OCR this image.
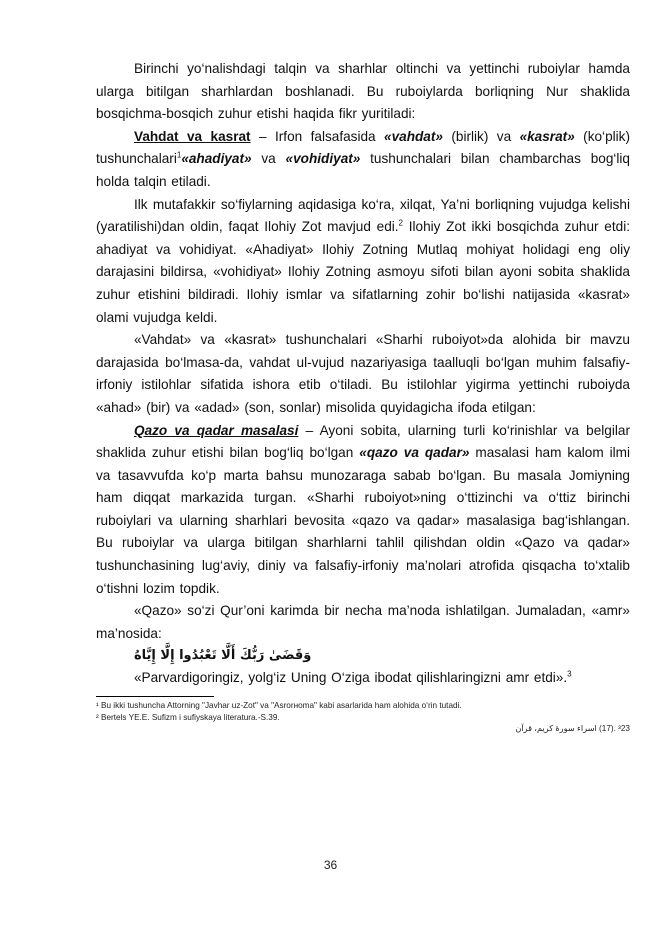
Birinchi yo‘nalishdagi talqin va sharhlar oltinchi va yettinchi ruboiylar hamda ularga bitilgan sharhlardan boshlanadi. Bu ruboiylarda borliqning Nur shaklida bosqichma-bosqich zuhur etishi haqida fikr yuritiladi:

Vahdat va kasrat – Irfon falsafasida «vahdat» (birlik) va «kasrat» (ko‘plik) tushunchalari$^1$«ahadiyat» va «vohidiyat» tushunchalari bilan chambarchas bog‘liq holda talqin etiladi.

Ilk mutafakkir so‘fiylarning aqidasiga ko‘ra, xilqat, Ya’ni borliqning vujudga kelishi (yaratilishi)dan oldin, faqat Ilohiy Zot mavjud edi.$^2$ Ilohiy Zot ikki bosqichda zuhur etdi: ahadiyat va vohidiyat. «Ahadiyat» Ilohiy Zotning Mutlaq mohiyat holidagi eng oliy darajasini bildirsa, «vohidiyat» Ilohiy Zotning asmoyu sifoti bilan ayoni sobita shaklida zuhur etishini bildiradi. Ilohiy ismlar va sifatlarning zohir bo‘lishi natijasida «kasrat» olami vujudga keldi.

«Vahdat» va «kasrat» tushunchalari «Sharhi ruboiyot»da alohida bir mavzu darajasida bo‘lmasa-da, vahdat ul-vujud nazariyasiga taalluqli bo‘lgan muhim falsafiy-irfoniy istilohlar sifatida ishora etib o‘tiladi. Bu istilohlar yigirma yettinchi ruboiyda «ahad» (bir) va «adad» (son, sonlar) misolida quyidagicha ifoda etilgan:

Qazo va qadar masalasi – Ayoni sobita, ularning turli ko‘rinishlar va belgilar shaklida zuhur etishi bilan bog‘liq bo‘lgan «qazo va qadar» masalasi ham kalom ilmi va tasavvufda ko‘p marta bahsu munozaraga sabab bo‘lgan. Bu masala Jomiyning ham diqqat markazida turgan. «Sharhi ruboiyot»ning o‘ttizinchi va o‘ttiz birinchi ruboiylari va ularning sharhlari bevosita «qazo va qadar» masalasiga bag‘ishlangan. Bu ruboiylar va ularga bitilgan sharhlarni tahlil qilishdan oldin «Qazo va qadar» tushunchasining lug‘aviy, diniy va falsafiy-irfoniy ma’nolari atrofida qisqacha to‘xtalib o‘tishni lozim topdik.

«Qazo» so‘zi Qur’oni karimda bir necha ma’noda ishlatilgan. Jumaladan, «amr» ma’nosida:

وَقَضَىٰ رَبُّكَ أَلَّا تَعْبُدُوا إِلَّا إِيَّاهُ

«Parvardigoringiz, yolg‘iz Uning O‘ziga ibodat qilishlaringizni amr etdi».$^3$

¹ Bu ikki tushuncha Attorning "Javhar uz-Zot" va "Asrorнoma" kabi asarlarida ham alohida o‘rin tutadi.

² Bertels YE.E. Sufizm i sufiyskaya literatura.-S.39.

³23 .(17) اسراء سورهٔ کریم، قرآن

36
